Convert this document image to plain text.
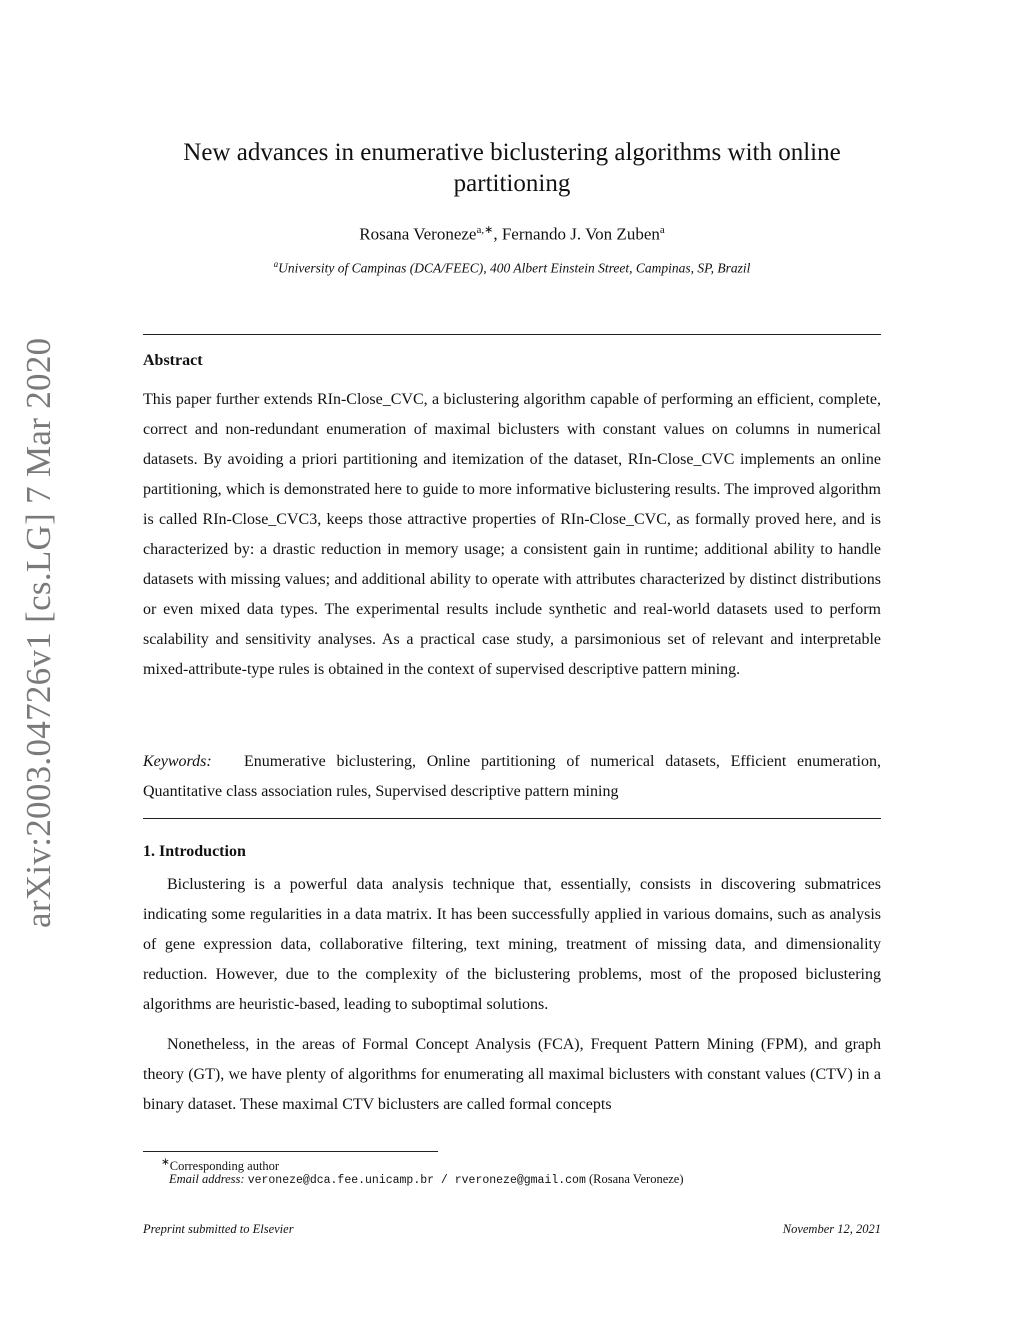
arXiv:2003.04726v1 [cs.LG] 7 Mar 2020
New advances in enumerative biclustering algorithms with online partitioning
Rosana Veroneze$^{a,∗}$, Fernando J. Von Zuben$^a$
$^a$University of Campinas (DCA/FEEC), 400 Albert Einstein Street, Campinas, SP, Brazil
Abstract

This paper further extends RIn-Close_CVC, a biclustering algorithm capable of performing an efficient, complete, correct and non-redundant enumeration of maximal biclusters with constant values on columns in numerical datasets. By avoiding a priori partitioning and itemization of the dataset, RIn-Close_CVC implements an online partitioning, which is demonstrated here to guide to more informative biclustering results. The improved algorithm is called RIn-Close_CVC3, keeps those attractive properties of RIn-Close_CVC, as formally proved here, and is characterized by: a drastic reduction in memory usage; a consistent gain in runtime; additional ability to handle datasets with missing values; and additional ability to operate with attributes characterized by distinct distributions or even mixed data types. The experimental results include synthetic and real-world datasets used to perform scalability and sensitivity analyses. As a practical case study, a parsimonious set of relevant and interpretable mixed-attribute-type rules is obtained in the context of supervised descriptive pattern mining.

Keywords: Enumerative biclustering, Online partitioning of numerical datasets, Efficient enumeration, Quantitative class association rules, Supervised descriptive pattern mining

1. Introduction

Biclustering is a powerful data analysis technique that, essentially, consists in discovering submatrices indicating some regularities in a data matrix. It has been successfully applied in various domains, such as analysis of gene expression data, collaborative filtering, text mining, treatment of missing data, and dimensionality reduction. However, due to the complexity of the biclustering problems, most of the proposed biclustering algorithms are heuristic-based, leading to suboptimal solutions.

Nonetheless, in the areas of Formal Concept Analysis (FCA), Frequent Pattern Mining (FPM), and graph theory (GT), we have plenty of algorithms for enumerating all maximal biclusters with constant values (CTV) in a binary dataset. These maximal CTV biclusters are called formal concepts

∗Corresponding author
Email address: veroneze@dca.fee.unicamp.br / rveroneze@gmail.com (Rosana Veroneze)
Preprint submitted to Elsevier	November 12, 2021
